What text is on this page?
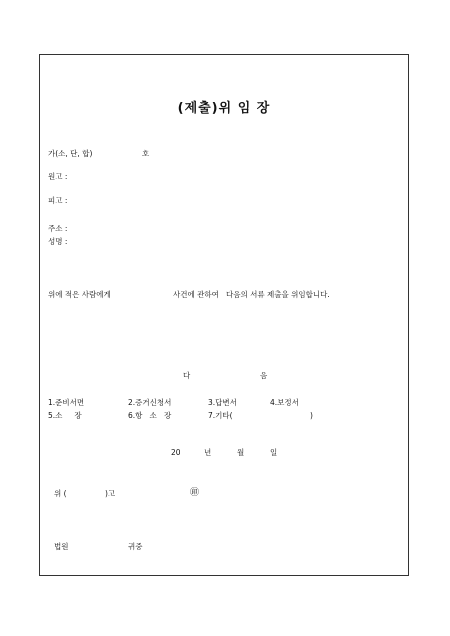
(제출)위 임 장
가(소, 단, 합)	호
원고 :
피고 :
주소 :
성명 :
위에 적은 사람에게	사건에 관하여   다음의 서류 제출을 위임합니다.
다	음
1.준비서면	2.증거신청서	3.답변서	4.보정서
5.소     장	6.항   소   장	7.기타(	)
20	년	월	일
위 (	)고	㊞
법원	귀중
